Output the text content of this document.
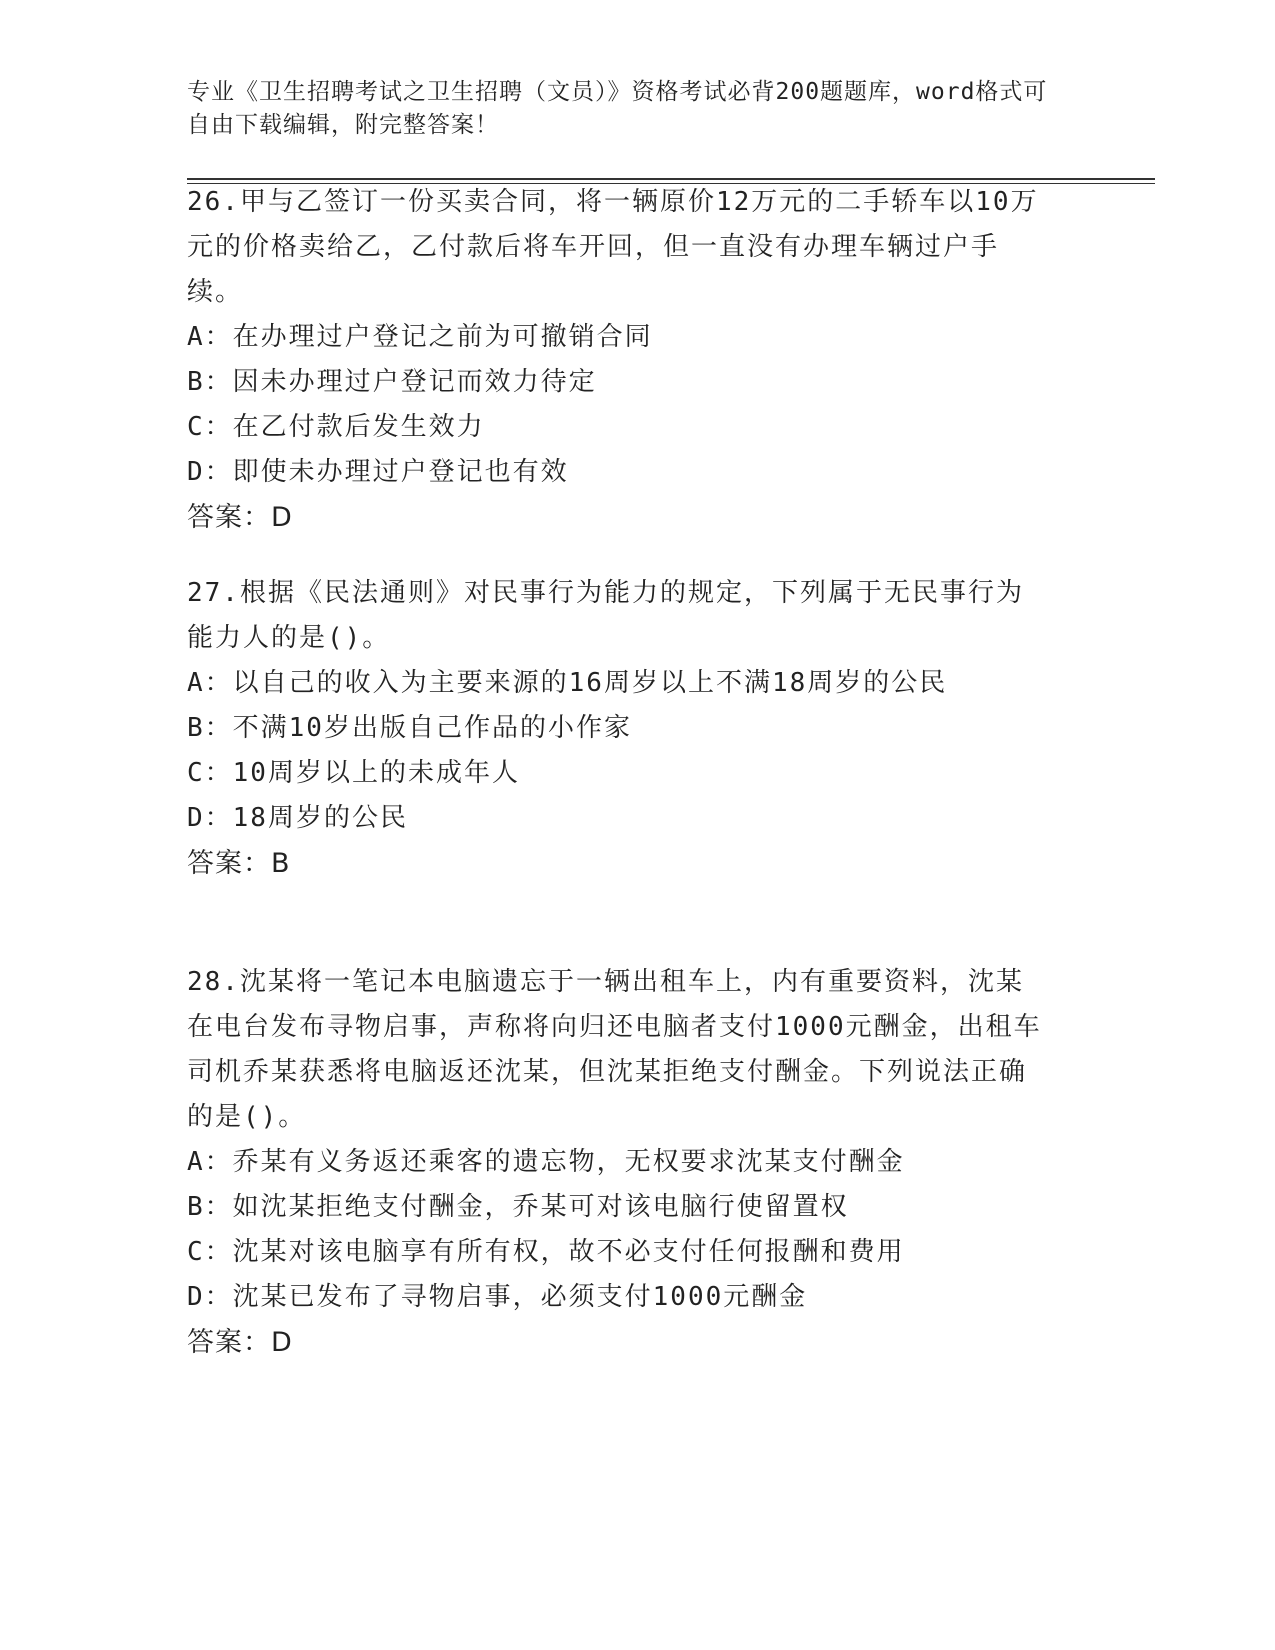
专业《卫生招聘考试之卫生招聘（文员）》资格考试必背200题题库，word格式可自由下载编辑，附完整答案！

26.甲与乙签订一份买卖合同，将一辆原价12万元的二手轿车以10万元的价格卖给乙，乙付款后将车开回，但一直没有办理车辆过户手续。

A：在办理过户登记之前为可撤销合同

B：因未办理过户登记而效力待定

C：在乙付款后发生效力

D：即使未办理过户登记也有效

答案：D

27.根据《民法通则》对民事行为能力的规定，下列属于无民事行为能力人的是()。

A：以自己的收入为主要来源的16周岁以上不满18周岁的公民

B：不满10岁出版自己作品的小作家

C：10周岁以上的未成年人

D：18周岁的公民

答案：B

28.沈某将一笔记本电脑遗忘于一辆出租车上，内有重要资料，沈某在电台发布寻物启事，声称将向归还电脑者支付1000元酬金，出租车司机乔某获悉将电脑返还沈某，但沈某拒绝支付酬金。下列说法正确的是()。

A：乔某有义务返还乘客的遗忘物，无权要求沈某支付酬金

B：如沈某拒绝支付酬金，乔某可对该电脑行使留置权

C：沈某对该电脑享有所有权，故不必支付任何报酬和费用

D：沈某已发布了寻物启事，必须支付1000元酬金

答案：D
